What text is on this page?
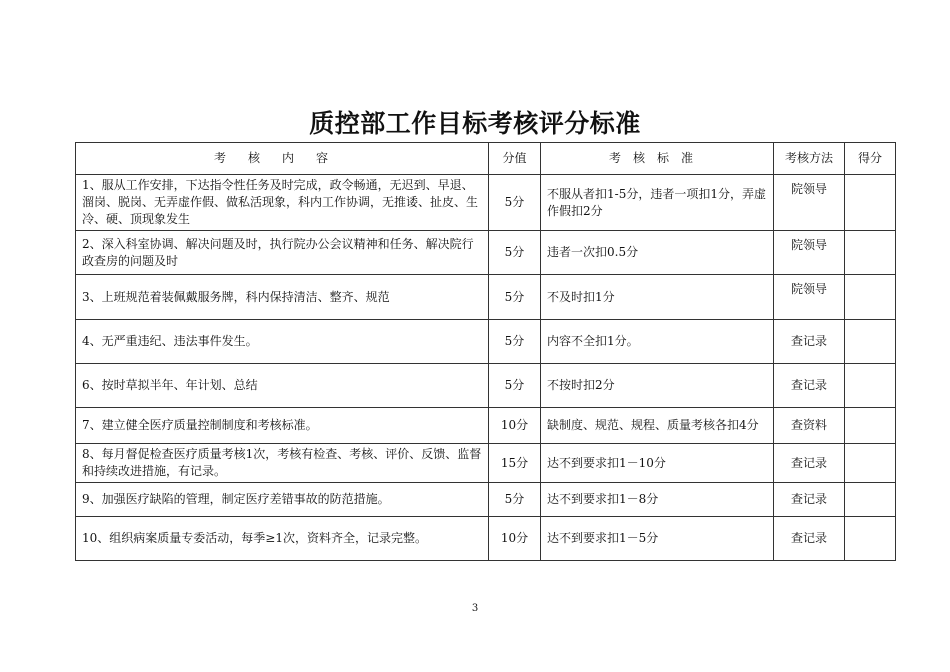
质控部工作目标考核评分标准
考核内容	分值	考核标准	考核方法	得分
1、服从工作安排，下达指令性任务及时完成，政令畅通，无迟到、早退、溜岗、脱岗、无弄虚作假、做私活现象，科内工作协调，无推诿、扯皮、生冷、硬、顶现象发生	5分	不服从者扣1-5分，违者一项扣1分，弄虚作假扣2分	院领导	
2、深入科室协调、解决问题及时，执行院办公会议精神和任务、解决院行政查房的问题及时	5分	违者一次扣0.5分	院领导	
3、上班规范着装佩戴服务牌，科内保持清洁、整齐、规范	5分	不及时扣1分	院领导	
4、无严重违纪、违法事件发生。	5分	内容不全扣1分。	查记录	
6、按时草拟半年、年计划、总结	5分	不按时扣2分	查记录	
7、建立健全医疗质量控制制度和考核标准。	10分	缺制度、规范、规程、质量考核各扣4分	查资料	
8、每月督促检查医疗质量考核1次，考核有检查、考核、评价、反馈、监督和持续改进措施，有记录。	15分	达不到要求扣1－10分	查记录	
9、加强医疗缺陷的管理，制定医疗差错事故的防范措施。	5分	达不到要求扣1－8分	查记录	
10、组织病案质量专委活动，每季≥1次，资料齐全，记录完整。	10分	达不到要求扣1－5分	查记录	
3
